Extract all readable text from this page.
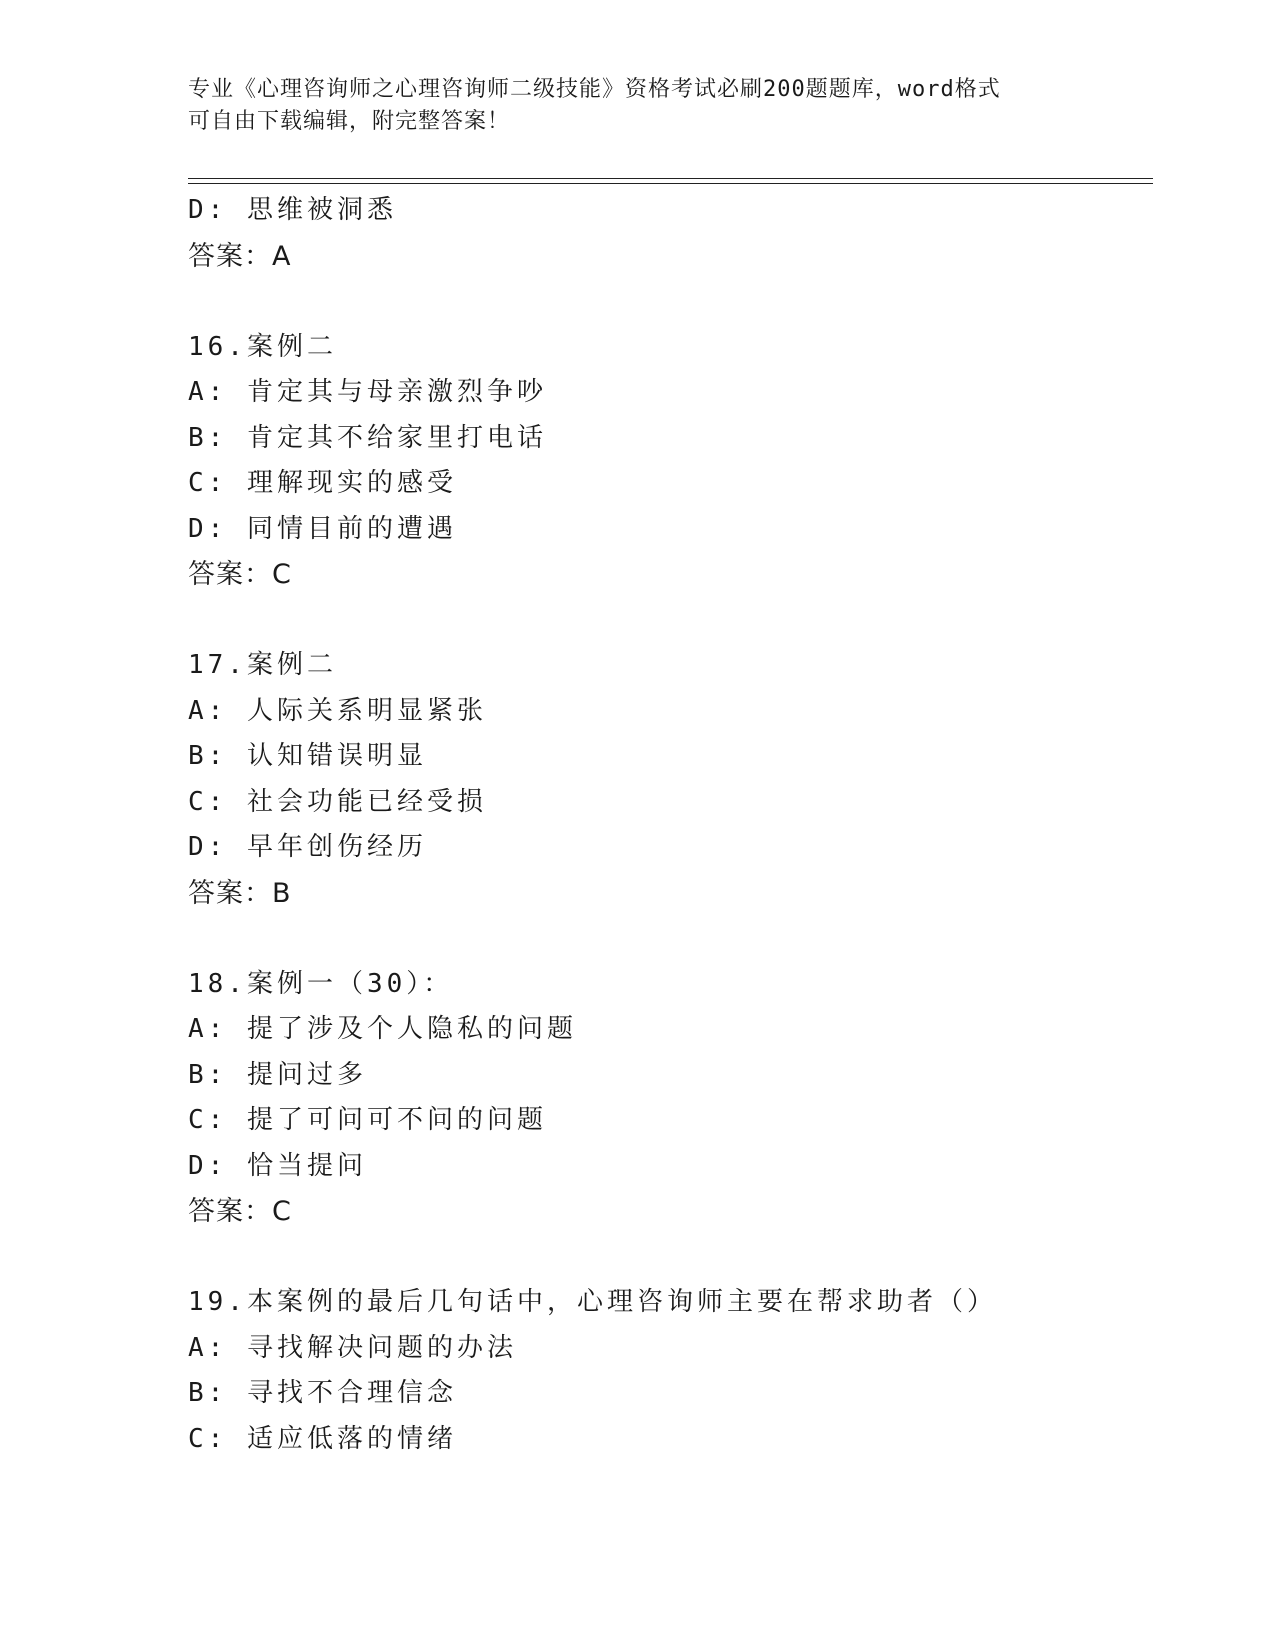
专业《心理咨询师之心理咨询师二级技能》资格考试必刷200题题库，word格式
可自由下载编辑，附完整答案！
D: 思维被洞悉
答案：A
16.案例二
A: 肯定其与母亲激烈争吵
B: 肯定其不给家里打电话
C: 理解现实的感受
D: 同情目前的遭遇
答案：C
17.案例二
A: 人际关系明显紧张
B: 认知错误明显
C: 社会功能已经受损
D: 早年创伤经历
答案：B
18.案例一（30）：
A: 提了涉及个人隐私的问题
B: 提问过多
C: 提了可问可不问的问题
D: 恰当提问
答案：C
19.本案例的最后几句话中，心理咨询师主要在帮求助者（）
A: 寻找解决问题的办法
B: 寻找不合理信念
C: 适应低落的情绪
